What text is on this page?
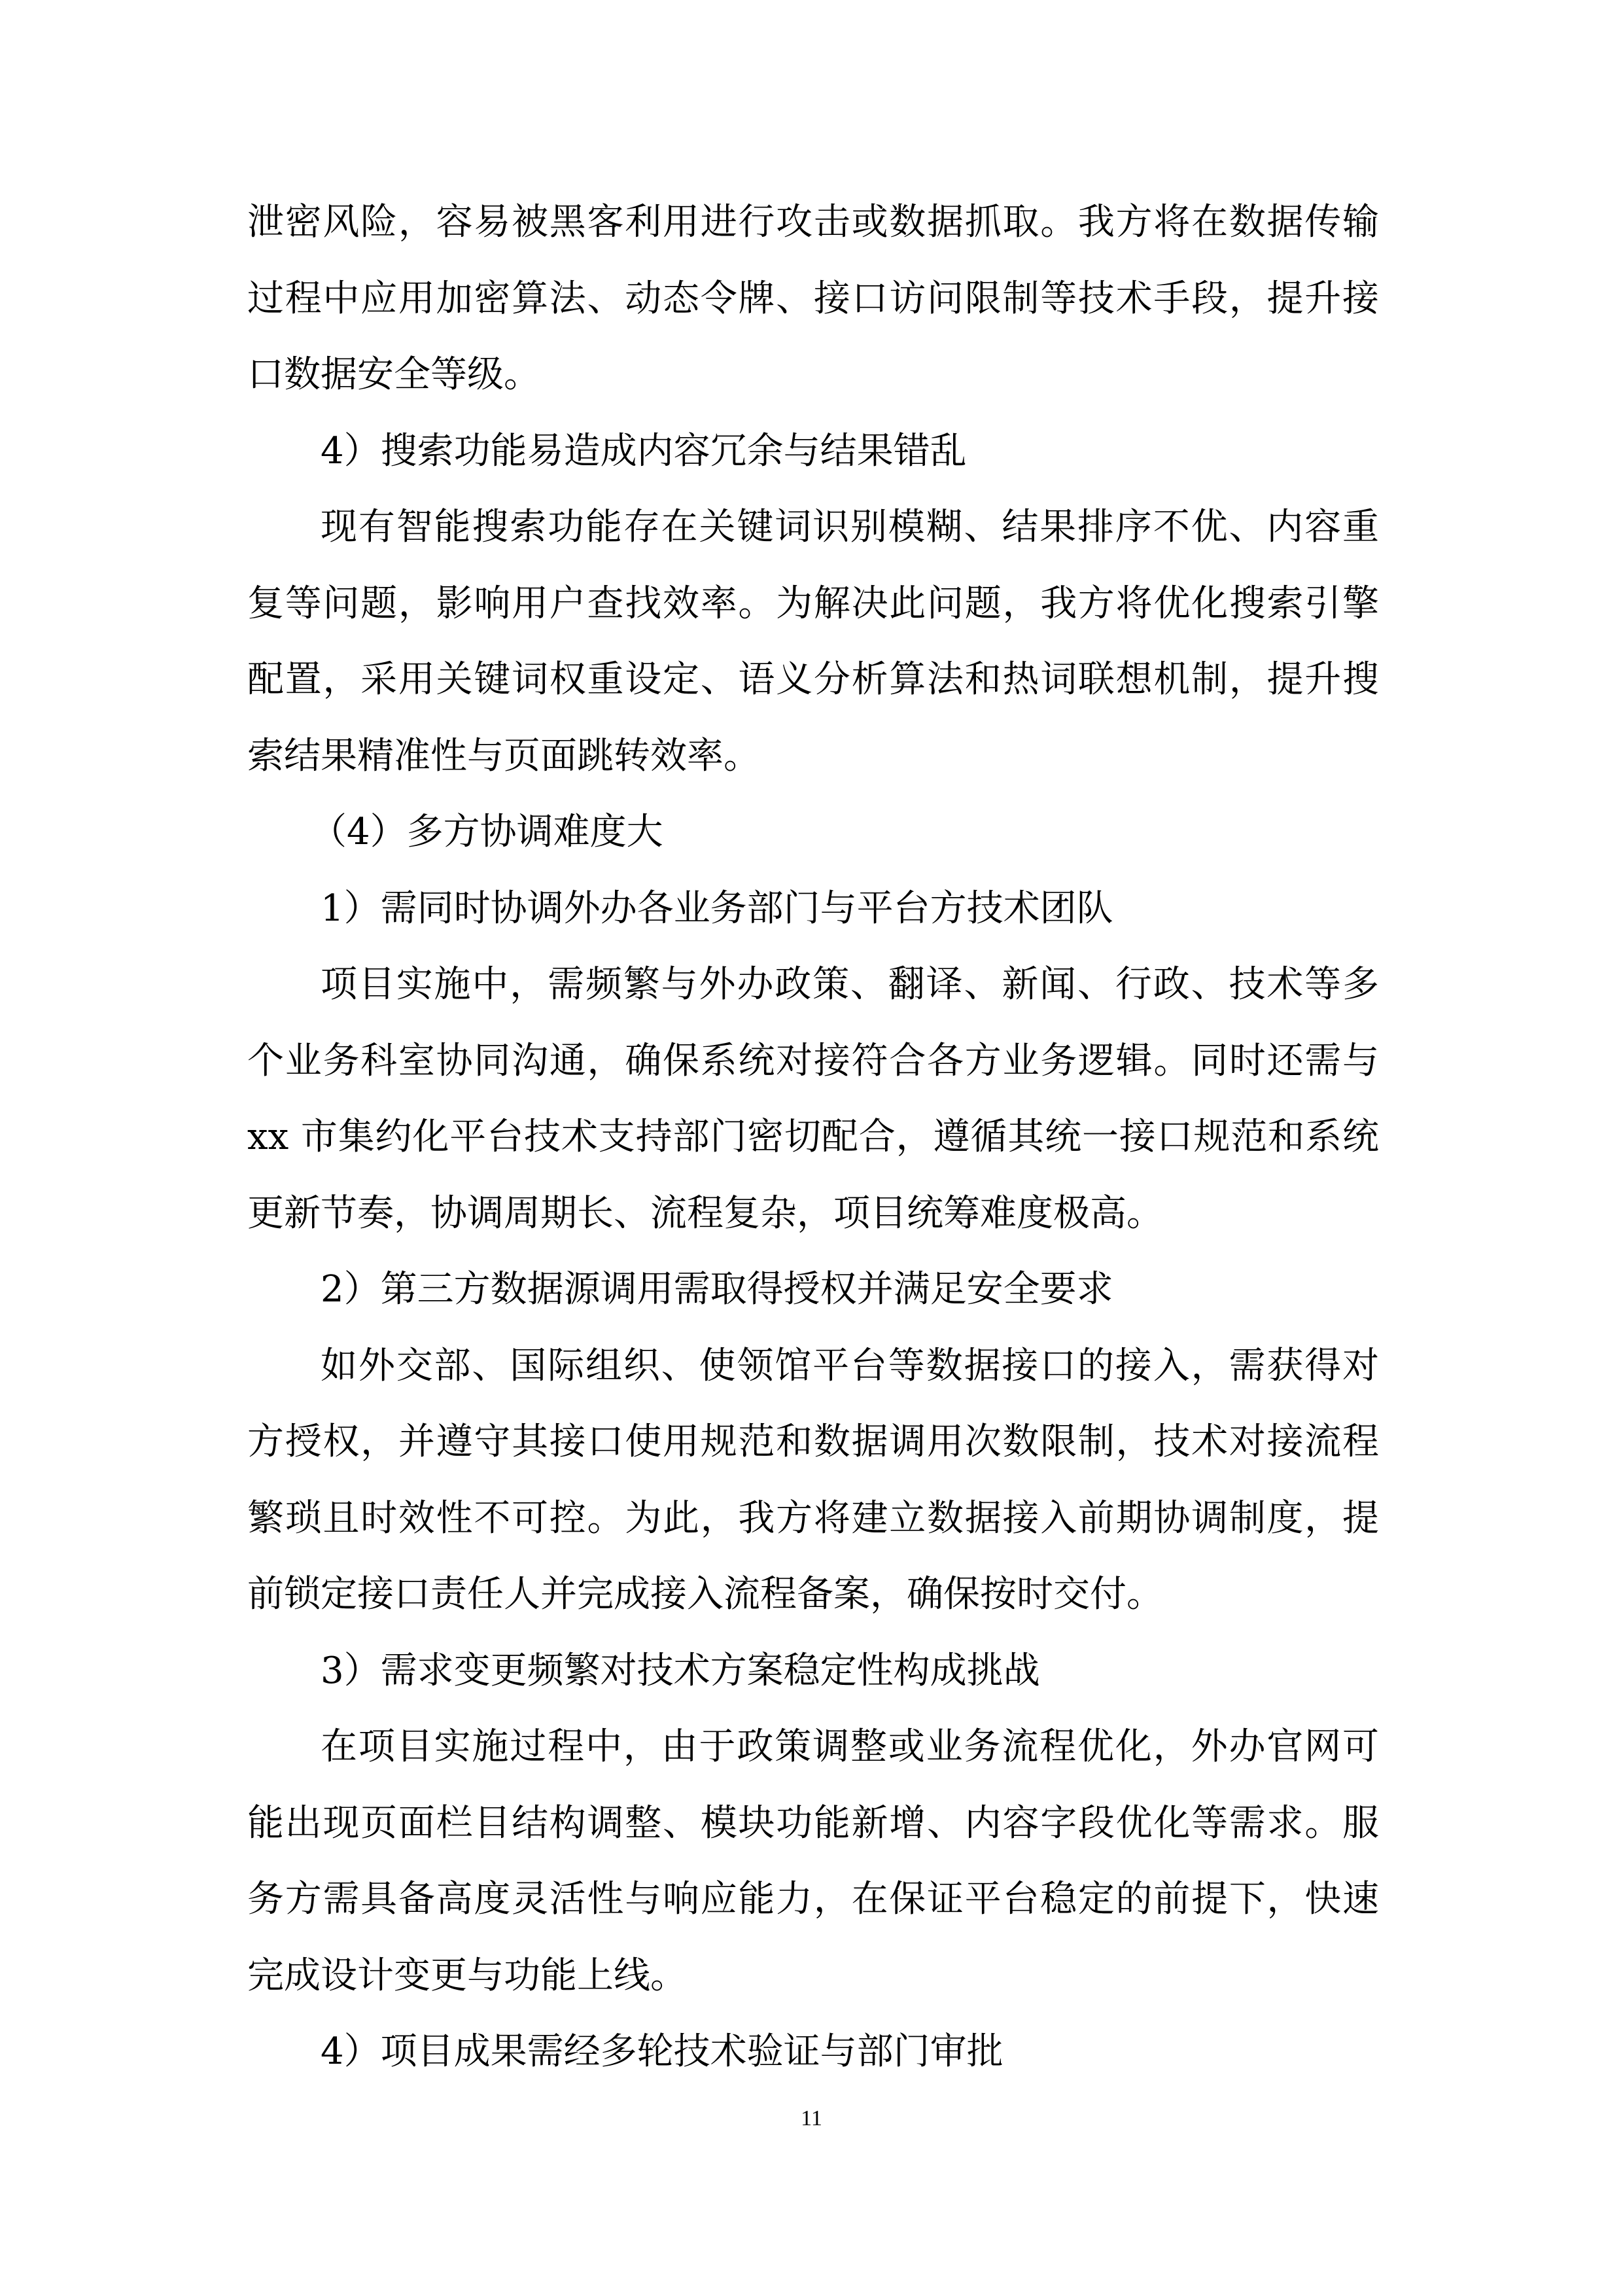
泄密风险，容易被黑客利用进行攻击或数据抓取。我方将在数据传输过程中应用加密算法、动态令牌、接口访问限制等技术手段，提升接口数据安全等级。

4）搜索功能易造成内容冗余与结果错乱

现有智能搜索功能存在关键词识别模糊、结果排序不优、内容重复等问题，影响用户查找效率。为解决此问题，我方将优化搜索引擎配置，采用关键词权重设定、语义分析算法和热词联想机制，提升搜索结果精准性与页面跳转效率。

（4）多方协调难度大

1）需同时协调外办各业务部门与平台方技术团队

项目实施中，需频繁与外办政策、翻译、新闻、行政、技术等多个业务科室协同沟通，确保系统对接符合各方业务逻辑。同时还需与 xx 市集约化平台技术支持部门密切配合，遵循其统一接口规范和系统更新节奏，协调周期长、流程复杂，项目统筹难度极高。

2）第三方数据源调用需取得授权并满足安全要求

如外交部、国际组织、使领馆平台等数据接口的接入，需获得对方授权，并遵守其接口使用规范和数据调用次数限制，技术对接流程繁琐且时效性不可控。为此，我方将建立数据接入前期协调制度，提前锁定接口责任人并完成接入流程备案，确保按时交付。

3）需求变更频繁对技术方案稳定性构成挑战

在项目实施过程中，由于政策调整或业务流程优化，外办官网可能出现页面栏目结构调整、模块功能新增、内容字段优化等需求。服务方需具备高度灵活性与响应能力，在保证平台稳定的前提下，快速完成设计变更与功能上线。

4）项目成果需经多轮技术验证与部门审批

11
